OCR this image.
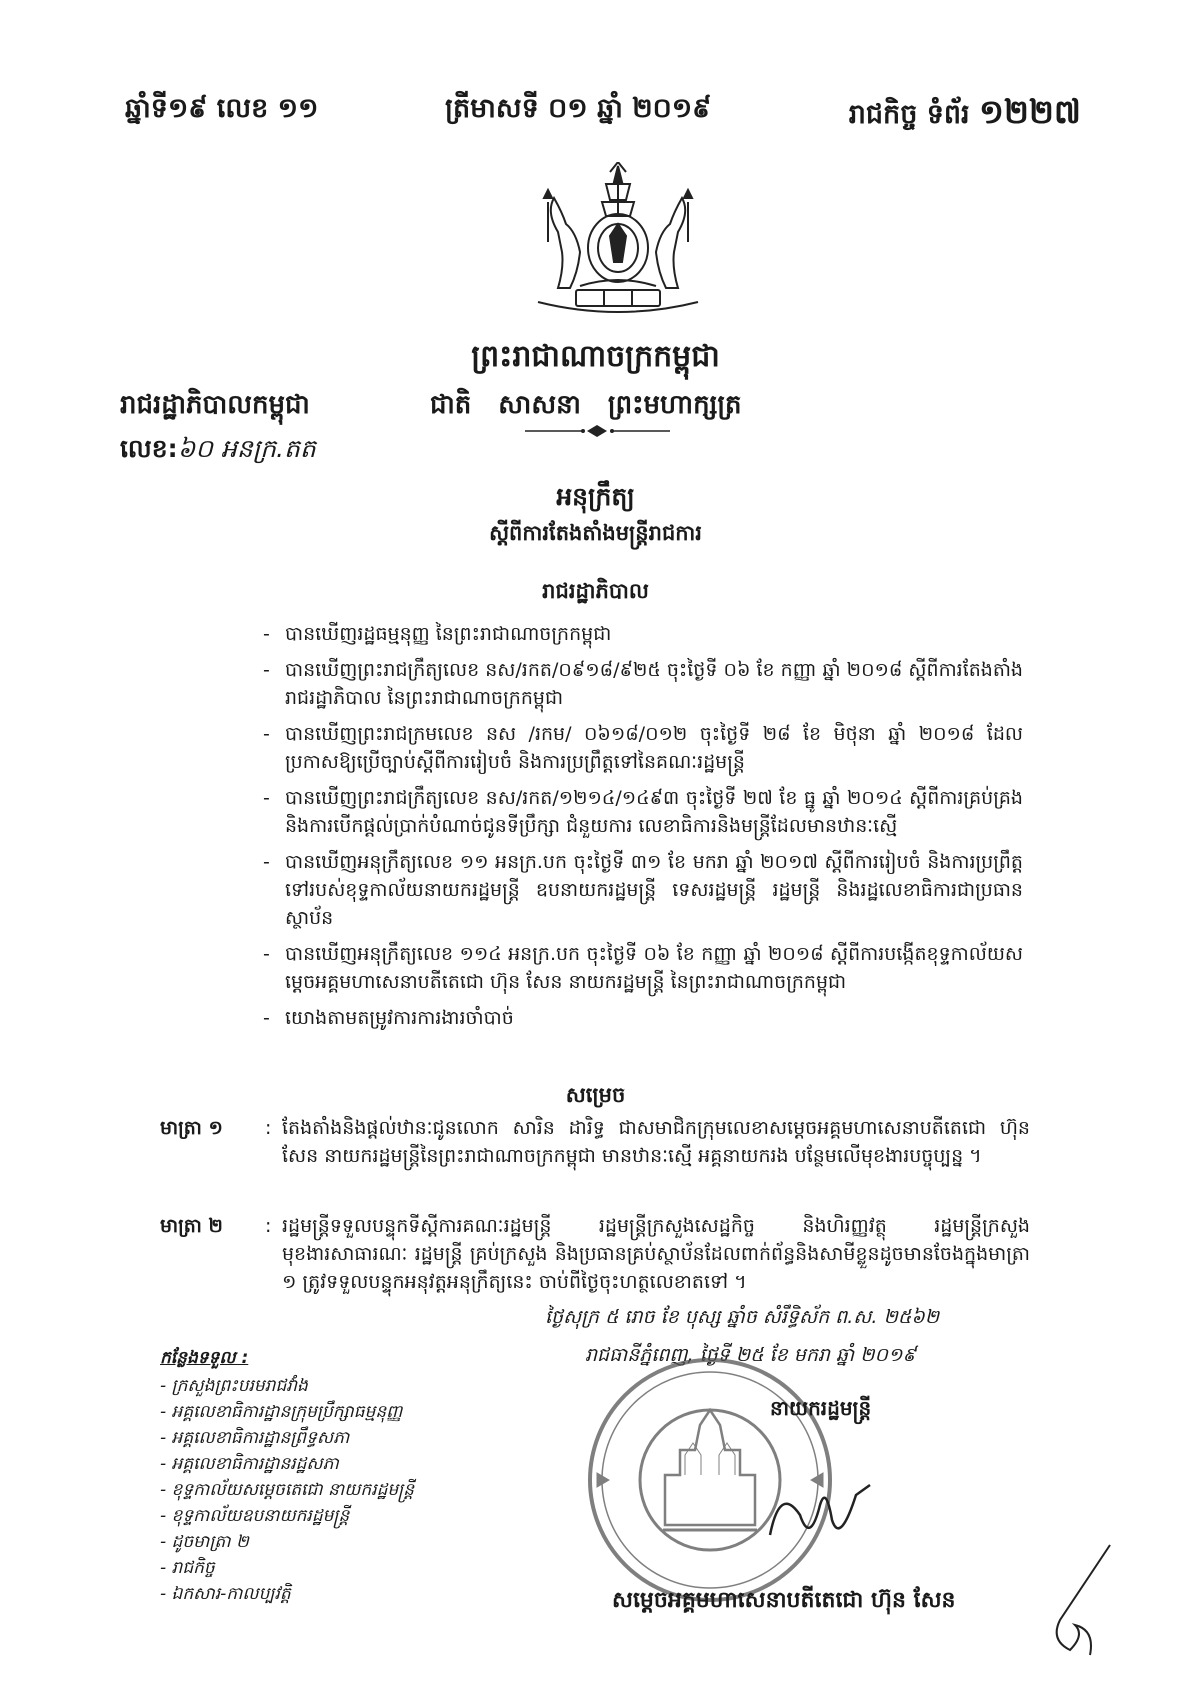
ឆ្នាំទី១៩ លេខ ១១	ត្រីមាសទី ០១ ឆ្នាំ ២០១៩	រាជកិច្ច ទំព័រ ១២២៧
ព្រះរាជាណាចក្រកម្ពុជា
រាជរដ្ឋាភិបាលកម្ពុជា	ជាតិ សាសនា ព្រះមហាក្សត្រ
លេខ:៦០ អនក្រ.តត
អនុក្រឹត្យ
ស្តីពីការតែងតាំងមន្ត្រីរាជការ
រាជរដ្ឋាភិបាល
- បានឃើញរដ្ឋធម្មនុញ្ញ នៃព្រះរាជាណាចក្រកម្ពុជា
- បានឃើញព្រះរាជក្រឹត្យលេខ នស/រកត/០៩១៨/៩២៥ ចុះថ្ងៃទី ០៦ ខែ កញ្ញា ឆ្នាំ ២០១៨ ស្តីពីការតែងតាំងរាជរដ្ឋាភិបាល នៃព្រះរាជាណាចក្រកម្ពុជា
- បានឃើញព្រះរាជក្រមលេខ នស /រកម/ ០៦១៨/០១២ ចុះថ្ងៃទី ២៨ ខែ មិថុនា ឆ្នាំ ២០១៨ ដែលប្រកាសឱ្យប្រើច្បាប់ស្តីពីការរៀបចំ និងការប្រព្រឹត្តទៅនៃគណៈរដ្ឋមន្ត្រី
- បានឃើញព្រះរាជក្រឹត្យលេខ នស/រកត/១២១៤/១៤៩៣ ចុះថ្ងៃទី ២៧ ខែ ធ្នូ ឆ្នាំ ២០១៤ ស្តីពីការគ្រប់គ្រង និងការបើកផ្តល់ប្រាក់បំណាច់ជូនទីប្រឹក្សា ជំនួយការ លេខាធិការនិងមន្ត្រីដែលមានឋានៈស្មើ
- បានឃើញអនុក្រឹត្យលេខ ១១ អនក្រ.បក ចុះថ្ងៃទី ៣១ ខែ មករា ឆ្នាំ ២០១៧ ស្តីពីការរៀបចំ និងការប្រព្រឹត្តទៅរបស់ខុទ្ទកាល័យនាយករដ្ឋមន្ត្រី ឧបនាយករដ្ឋមន្ត្រី ទេសរដ្ឋមន្ត្រី រដ្ឋមន្ត្រី និងរដ្ឋលេខាធិការជាប្រធានស្ថាប័ន
- បានឃើញអនុក្រឹត្យលេខ ១១៤ អនក្រ.បក ចុះថ្ងៃទី ០៦ ខែ កញ្ញា ឆ្នាំ ២០១៨ ស្តីពីការបង្កើតខុទ្ទកាល័យសម្តេចអគ្គមហាសេនាបតីតេជោ ហ៊ុន សែន នាយករដ្ឋមន្ត្រី នៃព្រះរាជាណាចក្រកម្ពុជា
- យោងតាមតម្រូវការការងារចាំបាច់
សម្រេច
មាត្រា ១	: តែងតាំងនិងផ្តល់ឋានៈជូនលោក សារិន ដារិទ្ធ ជាសមាជិកក្រុមលេខាសម្តេចអគ្គមហាសេនាបតីតេជោ ហ៊ុន សែន នាយករដ្ឋមន្ត្រីនៃព្រះរាជាណាចក្រកម្ពុជា មានឋានៈស្មើ អគ្គនាយករង បន្ថែមលើមុខងារបច្ចុប្បន្ន ។
មាត្រា ២	: រដ្ឋមន្ត្រីទទួលបន្ទុកទីស្តីការគណៈរដ្ឋមន្ត្រី រដ្ឋមន្ត្រីក្រសួងសេដ្ឋកិច្ច និងហិរញ្ញវត្ថុ រដ្ឋមន្ត្រីក្រសួងមុខងារសាធារណៈ រដ្ឋមន្ត្រី គ្រប់ក្រសួង និងប្រធានគ្រប់ស្ថាប័នដែលពាក់ព័ន្ធនិងសាមីខ្លួនដូចមានចែងក្នុងមាត្រា ១ ត្រូវទទួលបន្ទុកអនុវត្តអនុក្រឹត្យនេះ ចាប់ពីថ្ងៃចុះហត្ថលេខាតទៅ ។
ថ្ងៃសុក្រ ៥ រោច ខែ បុស្ស ឆ្នាំច សំរឹទ្ធិស័ក ព.ស. ២៥៦២
រាជធានីភ្នំពេញ, ថ្ងៃទី ២៥ ខែ មករា ឆ្នាំ ២០១៩
កន្លែងទទួល :
- ក្រសួងព្រះបរមរាជវាំង
- អគ្គលេខាធិការដ្ឋានក្រុមប្រឹក្សាធម្មនុញ្ញ
- អគ្គលេខាធិការដ្ឋានព្រឹទ្ធសភា
- អគ្គលេខាធិការដ្ឋានរដ្ឋសភា
- ខុទ្ទកាល័យសម្តេចតេជោ នាយករដ្ឋមន្ត្រី
- ខុទ្ទកាល័យឧបនាយករដ្ឋមន្ត្រី
- ដូចមាត្រា ២
- រាជកិច្ច
- ឯកសារ-កាលប្បវត្តិ
នាយករដ្ឋមន្ត្រី
សម្តេចអគ្គមហាសេនាបតីតេជោ ហ៊ុន សែន
